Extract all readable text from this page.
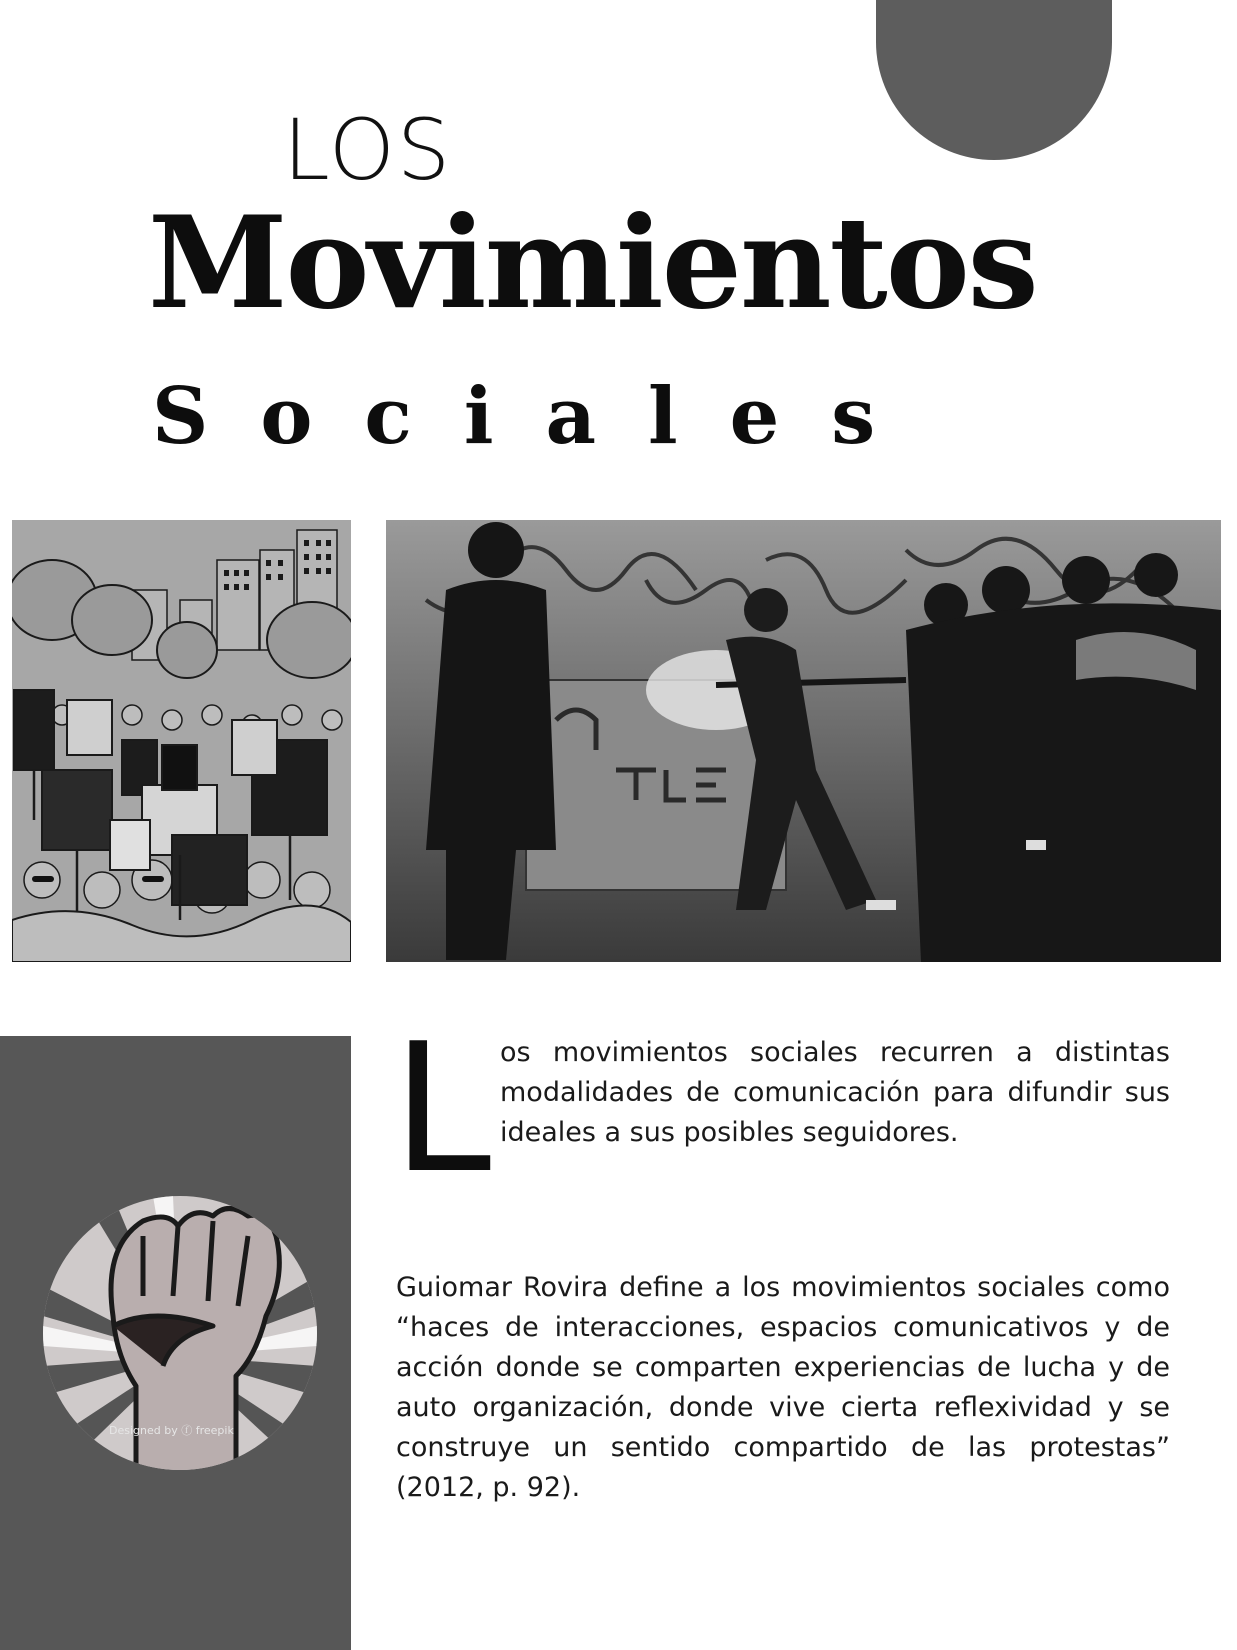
LOS
Movimientos
Sociales
Designed by ⓕ freepik
L os movimientos sociales recurren a distintas modalidades de comunicación para difundir sus ideales a sus posibles seguidores.

Guiomar Rovira define a los movimientos sociales como “haces de interacciones, espacios comunicativos y de acción donde se comparten experiencias de lucha y de auto organización, donde vive cierta reflexividad y se construye un sentido compartido de las protestas” (2012, p. 92).
